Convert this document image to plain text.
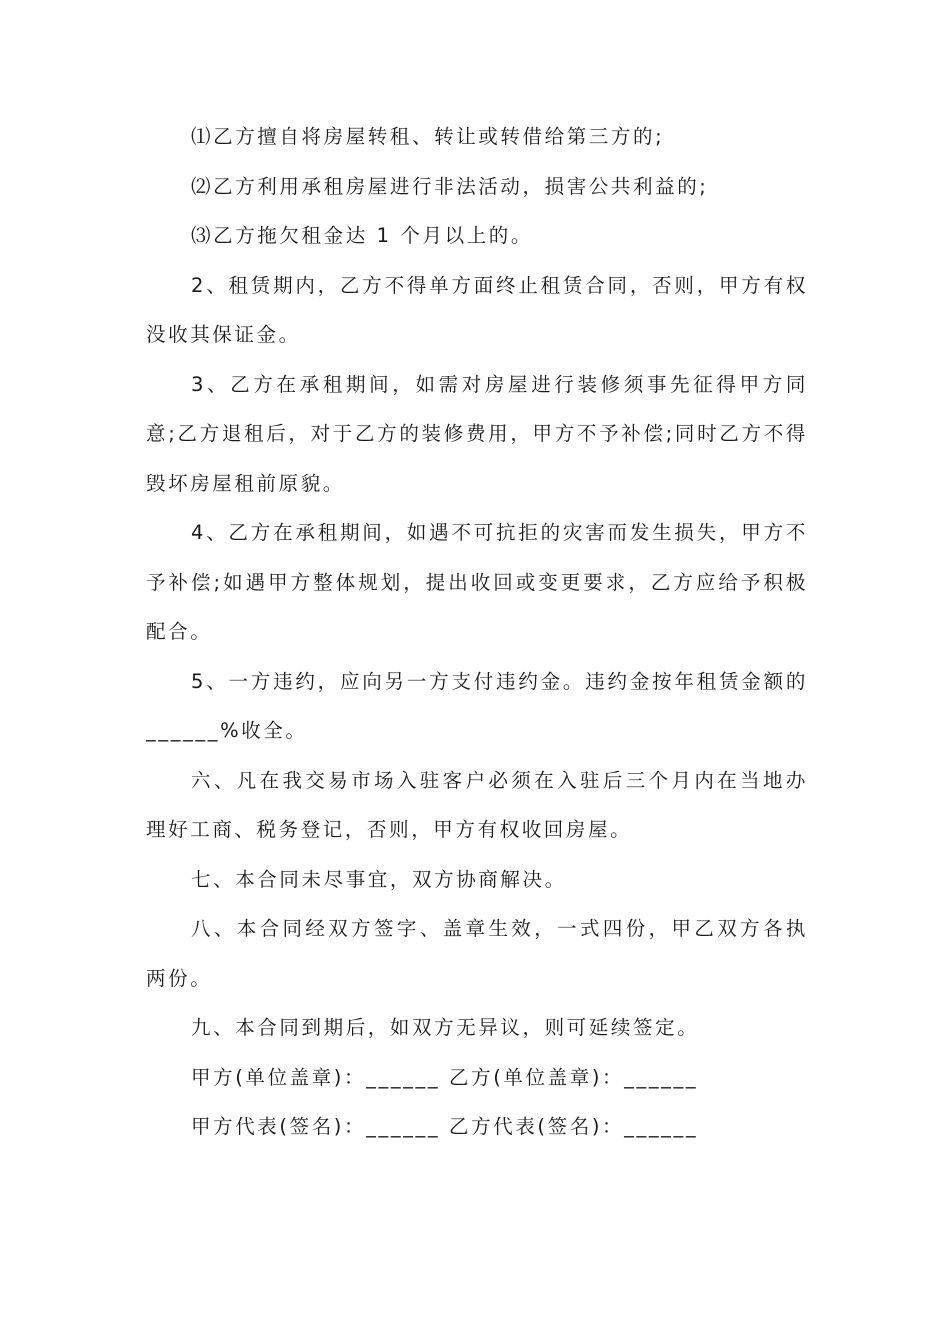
⑴乙方擅自将房屋转租、转让或转借给第三方的;

⑵乙方利用承租房屋进行非法活动，损害公共利益的;

⑶乙方拖欠租金达 1 个月以上的。

2、租赁期内，乙方不得单方面终止租赁合同，否则，甲方有权没收其保证金。

3、乙方在承租期间，如需对房屋进行装修须事先征得甲方同意;乙方退租后，对于乙方的装修费用，甲方不予补偿;同时乙方不得毁坏房屋租前原貌。

4、乙方在承租期间，如遇不可抗拒的灾害而发生损失，甲方不予补偿;如遇甲方整体规划，提出收回或变更要求，乙方应给予积极配合。

5、一方违约，应向另一方支付违约金。违约金按年租赁金额的______%收全。

六、凡在我交易市场入驻客户必须在入驻后三个月内在当地办理好工商、税务登记，否则，甲方有权收回房屋。

七、本合同未尽事宜，双方协商解决。

八、本合同经双方签字、盖章生效，一式四份，甲乙双方各执两份。

九、本合同到期后，如双方无异议，则可延续签定。

甲方(单位盖章)：______ 乙方(单位盖章)：______

甲方代表(签名)：______ 乙方代表(签名)：______
